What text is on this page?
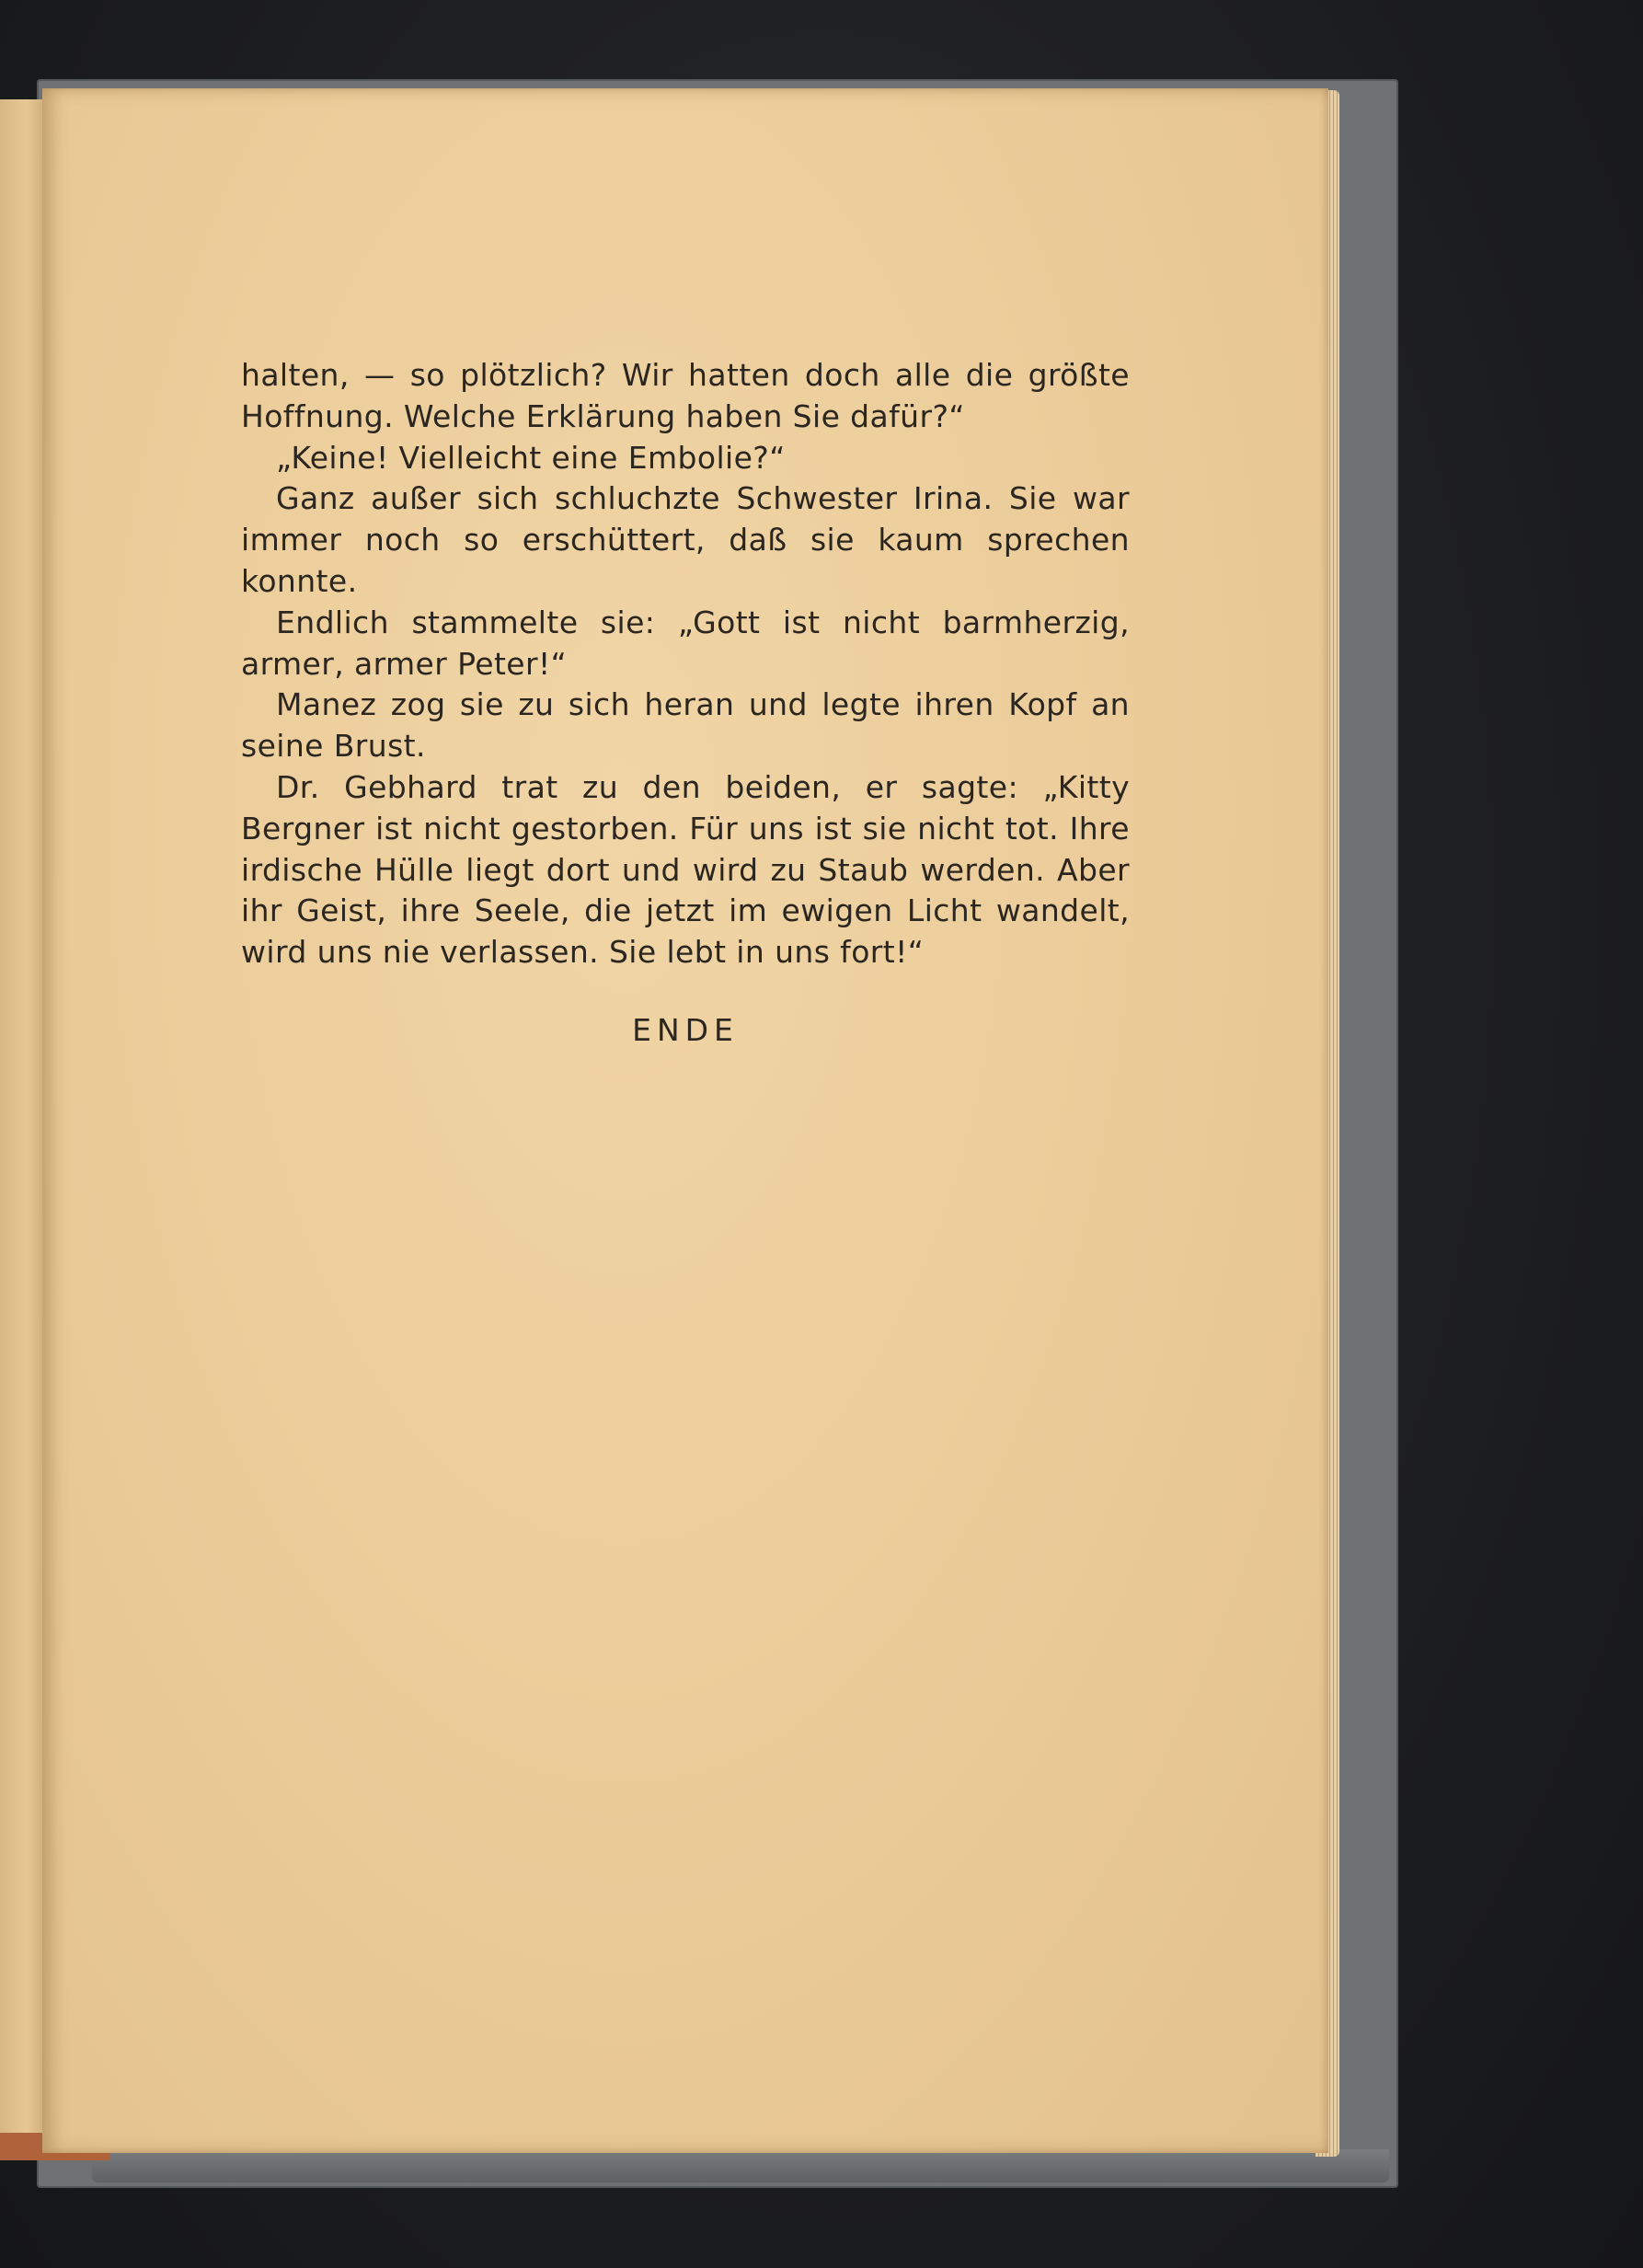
halten, — so plötzlich? Wir hatten doch alle die größte Hoffnung. Welche Erklärung haben Sie dafür?“

„Keine! Vielleicht eine Embolie?“

Ganz außer sich schluchzte Schwester Irina. Sie war immer noch so erschüttert, daß sie kaum sprechen konnte.

Endlich stammelte sie: „Gott ist nicht barmherzig, armer, armer Peter!“

Manez zog sie zu sich heran und legte ihren Kopf an seine Brust.

Dr. Gebhard trat zu den beiden, er sagte: „Kitty Bergner ist nicht gestorben. Für uns ist sie nicht tot. Ihre irdische Hülle liegt dort und wird zu Staub werden. Aber ihr Geist, ihre Seele, die jetzt im ewigen Licht wandelt, wird uns nie verlassen. Sie lebt in uns fort!“

ENDE
